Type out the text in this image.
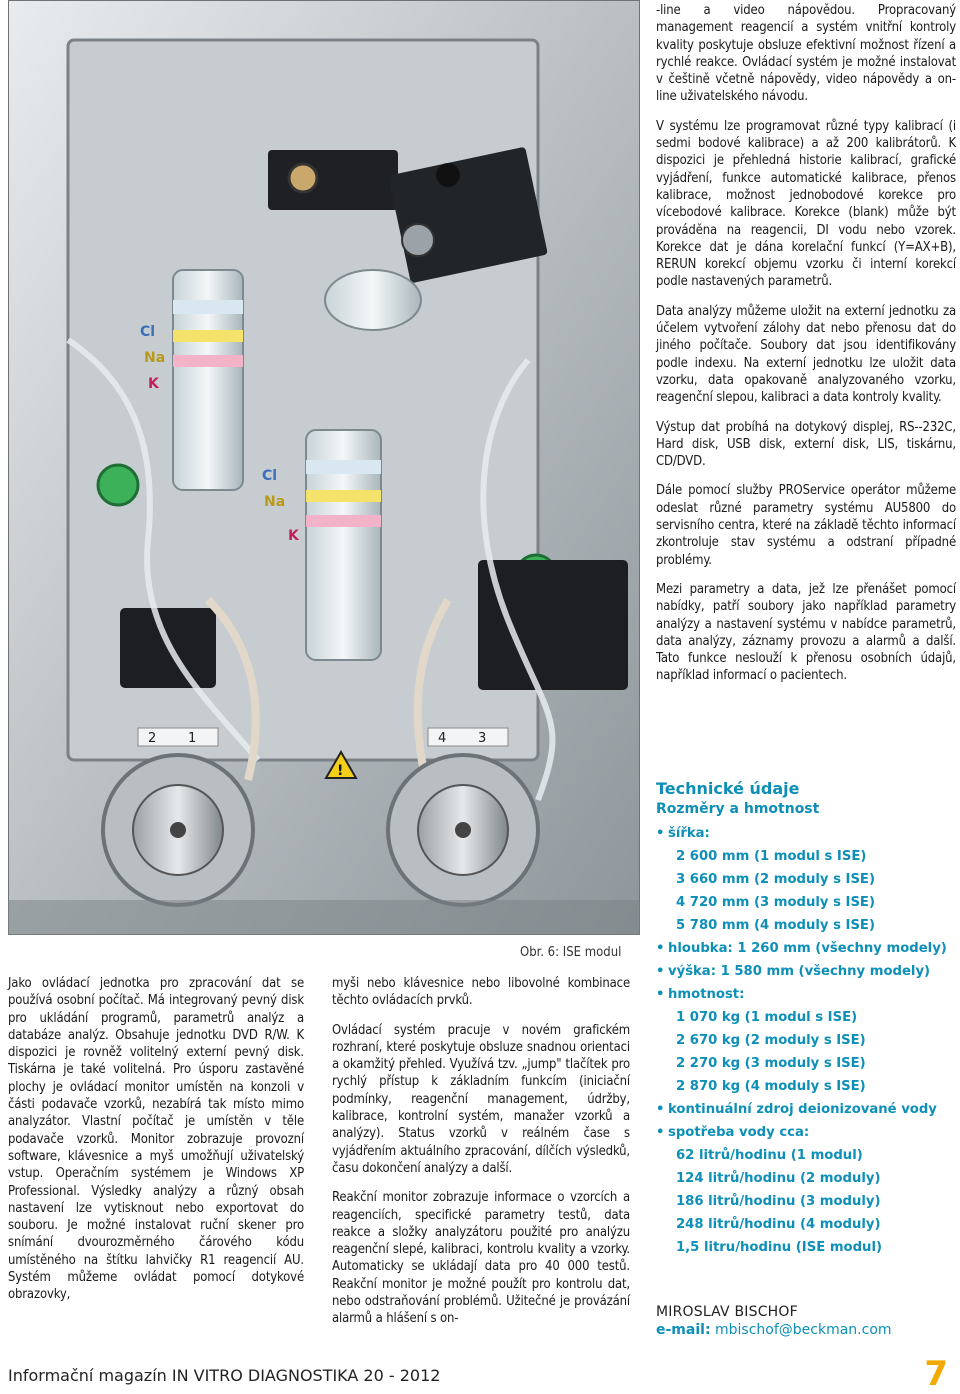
Cl
Na
K
Cl
Na
K
2 1	4 3
!
Obr. 6: ISE modul

-line a video nápovědou. Propracovaný management reagencií a systém vnitřní kontroly kvality poskytuje obsluze efektivní možnost řízení a rychlé reakce. Ovládací systém je možné instalovat v češtině včetně nápovědy, video nápovědy a on-line uživatelského návodu.

V systému lze programovat různé typy kalibrací (i sedmi bodové kalibrace) a až 200 kalibrátorů. K dispozici je přehledná historie kalibrací, grafické vyjádření, funkce automatické kalibrace, přenos kalibrace, možnost jednobodové korekce pro vícebodové kalibrace. Korekce (blank) může být prováděna na reagencii, DI vodu nebo vzorek. Korekce dat je dána korelační funkcí (Y=AX+B), RERUN korekcí objemu vzorku či interní korekcí podle nastavených parametrů.

Data analýzy můžeme uložit na externí jednotku za účelem vytvoření zálohy dat nebo přenosu dat do jiného počítače. Soubory dat jsou identifikovány podle indexu. Na externí jednotku lze uložit data vzorku, data opakovaně analyzovaného vzorku, reagenční slepou, kalibraci a data kontroly kvality.

Výstup dat probíhá na dotykový displej, RS--232C, Hard disk, USB disk, externí disk, LIS, tiskárnu, CD/DVD.

Dále pomocí služby PROService operátor můžeme odeslat různé parametry systému AU5800 do servisního centra, které na základě těchto informací zkontroluje stav systému a odstraní případné problémy.

Mezi parametry a data, jež lze přenášet pomocí nabídky, patří soubory jako například parametry analýzy a nastavení systému v nabídce parametrů, data analýzy, záznamy provozu a alarmů a další. Tato funkce neslouží k přenosu osobních údajů, například informací o pacientech.

Technické údaje
Rozměry a hmotnost
• šířka:
2 600 mm (1 modul s ISE)
3 660 mm (2 moduly s ISE)
4 720 mm (3 moduly s ISE)
5 780 mm (4 moduly s ISE)
• hloubka: 1 260 mm (všechny modely)
• výška: 1 580 mm (všechny modely)
• hmotnost:
1 070 kg (1 modul s ISE)
2 670 kg (2 moduly s ISE)
2 270 kg (3 moduly s ISE)
2 870 kg (4 moduly s ISE)
• kontinuální zdroj deionizované vody
• spotřeba vody cca:
62 litrů/hodinu (1 modul)
124 litrů/hodinu (2 moduly)
186 litrů/hodinu (3 moduly)
248 litrů/hodinu (4 moduly)
1,5 litru/hodinu (ISE modul)

Jako ovládací jednotka pro zpracování dat se používá osobní počítač. Má integrovaný pevný disk pro ukládání programů, parametrů analýz a databáze analýz. Obsahuje jednotku DVD R/W. K dispozici je rovněž volitelný externí pevný disk. Tiskárna je také volitelná. Pro úsporu zastavěné plochy je ovládací monitor umístěn na konzoli v části podavače vzorků, nezabírá tak místo mimo analyzátor. Vlastní počítač je umístěn v těle podavače vzorků. Monitor zobrazuje provozní software, klávesnice a myš umožňují uživatelský vstup. Operačním systémem je Windows XP Professional. Výsledky analýzy a různý obsah nastavení lze vytisknout nebo exportovat do souboru. Je možné instalovat ruční skener pro snímání dvourozměrného čárového kódu umístěného na štítku lahvičky R1 reagencií AU. Systém můžeme ovládat pomocí dotykové obrazovky,

myši nebo klávesnice nebo libovolné kombinace těchto ovládacích prvků.

Ovládací systém pracuje v novém grafickém rozhraní, které poskytuje obsluze snadnou orientaci a okamžitý přehled. Využívá tzv. „jump" tlačítek pro rychlý přístup k základním funkcím (iniciační podmínky, reagenční management, údržby, kalibrace, kontrolní systém, manažer vzorků a analýzy). Status vzorků v reálném čase s vyjádřením aktuálního zpracování, dílčích výsledků, času dokončení analýzy a další.

Reakční monitor zobrazuje informace o vzorcích a reagenciích, specifické parametry testů, data reakce a složky analyzátoru použité pro analýzu reagenční slepé, kalibraci, kontrolu kvality a vzorky. Automaticky se ukládají data pro 40 000 testů. Reakční monitor je možné použít pro kontrolu dat, nebo odstraňování problémů. Užitečné je provázání alarmů a hlášení s on-	MIROSLAV BISCHOF
e-mail: mbischof@beckman.com
Informační magazín IN VITRO DIAGNOSTIKA 20 - 2012	7
